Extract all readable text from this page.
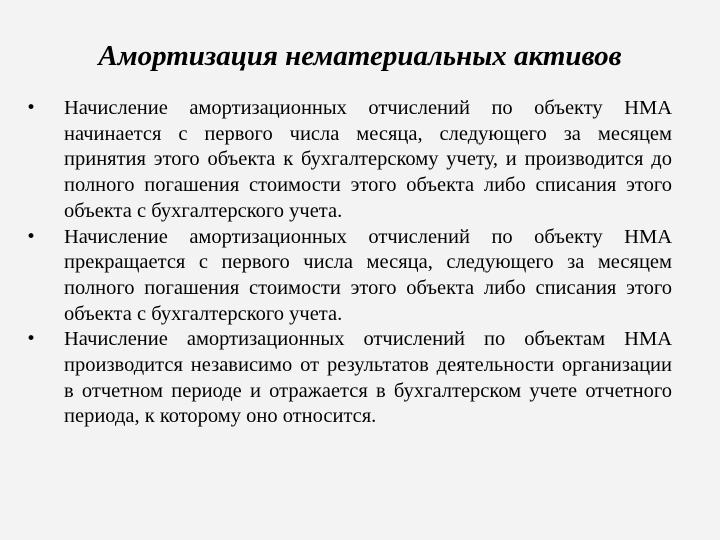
Амортизация нематериальных активов
•	Начисление амортизационных отчислений по объекту НМА начинается с первого числа месяца, следующего за месяцем принятия этого объекта к бухгалтерскому учету, и производится до полного погашения стоимости этого объекта либо списания этого объекта с бухгалтерского учета.
•	Начисление амортизационных отчислений по объекту НМА прекращается с первого числа месяца, следующего за месяцем полного погашения стоимости этого объекта либо списания этого объекта с бухгалтерского учета.
•	Начисление амортизационных отчислений по объектам НМА производится независимо от результатов деятельности организации в отчетном периоде и отражается в бухгалтерском учете отчетного периода, к которому оно относится.
